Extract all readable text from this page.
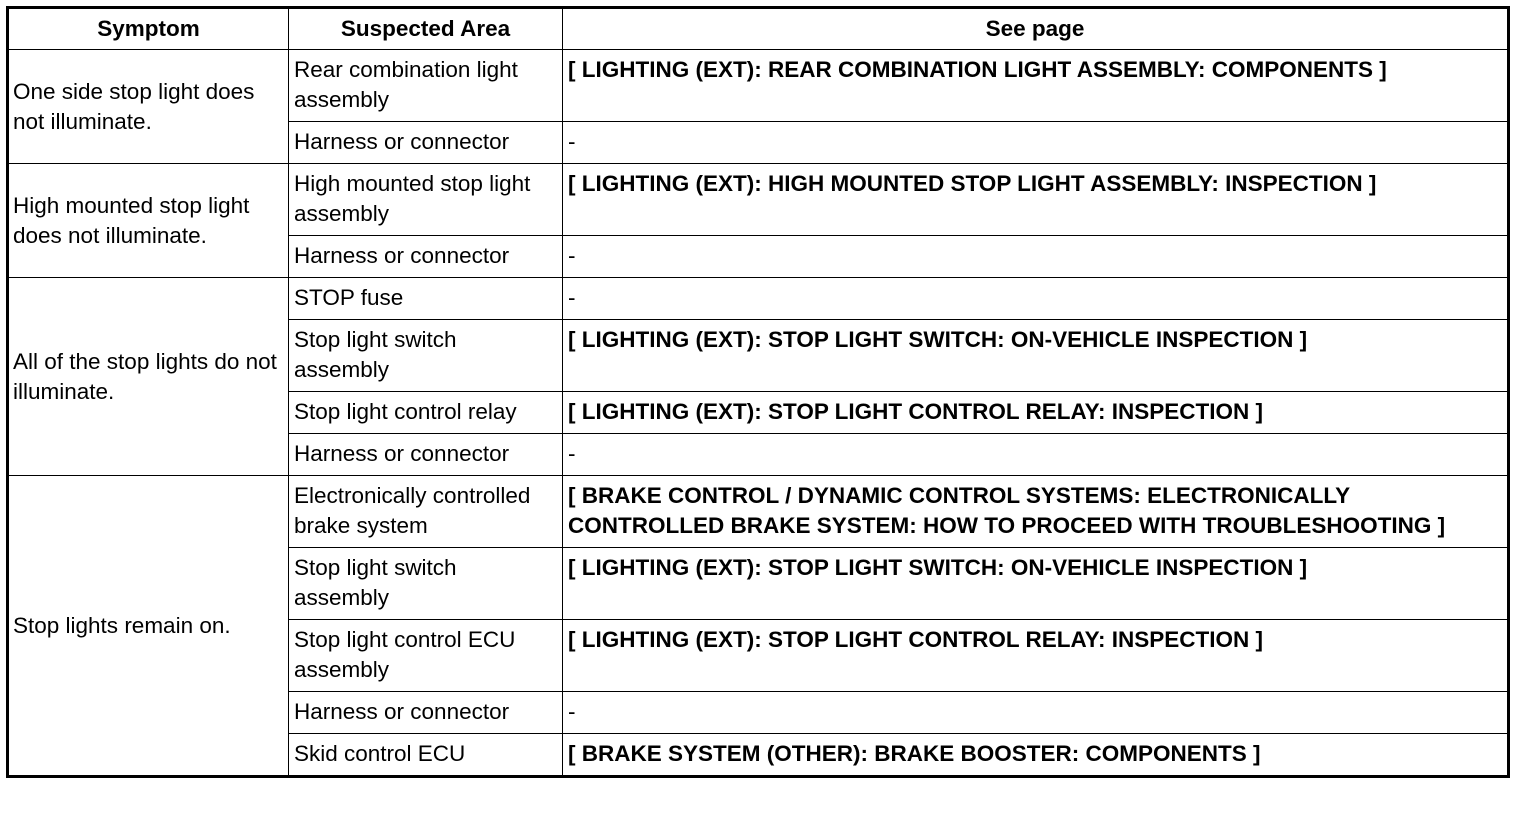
Symptom	Suspected Area	See page
One side stop light does not illuminate.	Rear combination light assembly	[ LIGHTING (EXT): REAR COMBINATION LIGHT ASSEMBLY: COMPONENTS ]
	Harness or connector	-
High mounted stop light does not illuminate.	High mounted stop light assembly	[ LIGHTING (EXT): HIGH MOUNTED STOP LIGHT ASSEMBLY: INSPECTION ]
	Harness or connector	-
All of the stop lights do not illuminate.	STOP fuse	-
	Stop light switch assembly	[ LIGHTING (EXT): STOP LIGHT SWITCH: ON-VEHICLE INSPECTION ]
	Stop light control relay	[ LIGHTING (EXT): STOP LIGHT CONTROL RELAY: INSPECTION ]
	Harness or connector	-
Stop lights remain on.	Electronically controlled brake system	[ BRAKE CONTROL / DYNAMIC CONTROL SYSTEMS: ELECTRONICALLY CONTROLLED BRAKE SYSTEM: HOW TO PROCEED WITH TROUBLESHOOTING ]
	Stop light switch assembly	[ LIGHTING (EXT): STOP LIGHT SWITCH: ON-VEHICLE INSPECTION ]
	Stop light control ECU assembly	[ LIGHTING (EXT): STOP LIGHT CONTROL RELAY: INSPECTION ]
	Harness or connector	-
	Skid control ECU	[ BRAKE SYSTEM (OTHER): BRAKE BOOSTER: COMPONENTS ]
